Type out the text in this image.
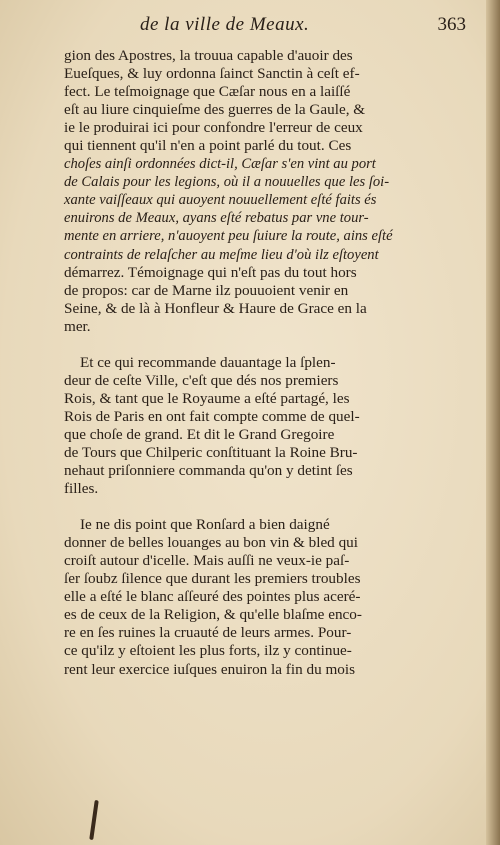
de la ville de Meaux.	363
gion des Apostres, la trouua capable d'auoir des
Eueſques, & luy ordonna ſainct Sanctin à ceſt ef-
fect. Le teſmoignage que Cæſar nous en a laiſſé
eſt au liure cinquieſme des guerres de la Gaule, &
ie le produirai ici pour confondre l'erreur de ceux
qui tiennent qu'il n'en a point parlé du tout. Ces
choſes ainſi ordonnées dict-il, Cæſar s'en vint au port
de Calais pour les legions, où il a nouuelles que les ſoi-
xante vaiſſeaux qui auoyent nouuellement eſté faits és
enuirons de Meaux, ayans eſté rebatus par vne tour-
mente en arriere, n'auoyent peu ſuiure la route, ains eſté
contraints de relaſcher au meſme lieu d'où ilz eſtoyent
démarrez. Témoignage qui n'eſt pas du tout hors
de propos: car de Marne ilz pouuoient venir en
Seine, & de là à Honfleur & Haure de Grace en la
mer.
Et ce qui recommande dauantage la ſplen-
deur de ceſte Ville, c'eſt que dés nos premiers
Rois, & tant que le Royaume a eſté partagé, les
Rois de Paris en ont fait compte comme de quel-
que choſe de grand. Et dit le Grand Gregoire
de Tours que Chilperic conſtituant la Roine Bru-
nehaut priſonniere commanda qu'on y detint ſes
filles.
Ie ne dis point que Ronſard a bien daigné
donner de belles louanges au bon vin & bled qui
croiſt autour d'icelle. Mais auſſi ne veux-ie paſ-
ſer ſoubz ſilence que durant les premiers troubles
elle a eſté le blanc aſſeuré des pointes plus aceré-
es de ceux de la Religion, & qu'elle blaſme enco-
re en ſes ruines la cruauté de leurs armes. Pour-
ce qu'ilz y eſtoient les plus forts, ilz y continue-
rent leur exercice iuſques enuiron la fin du mois
